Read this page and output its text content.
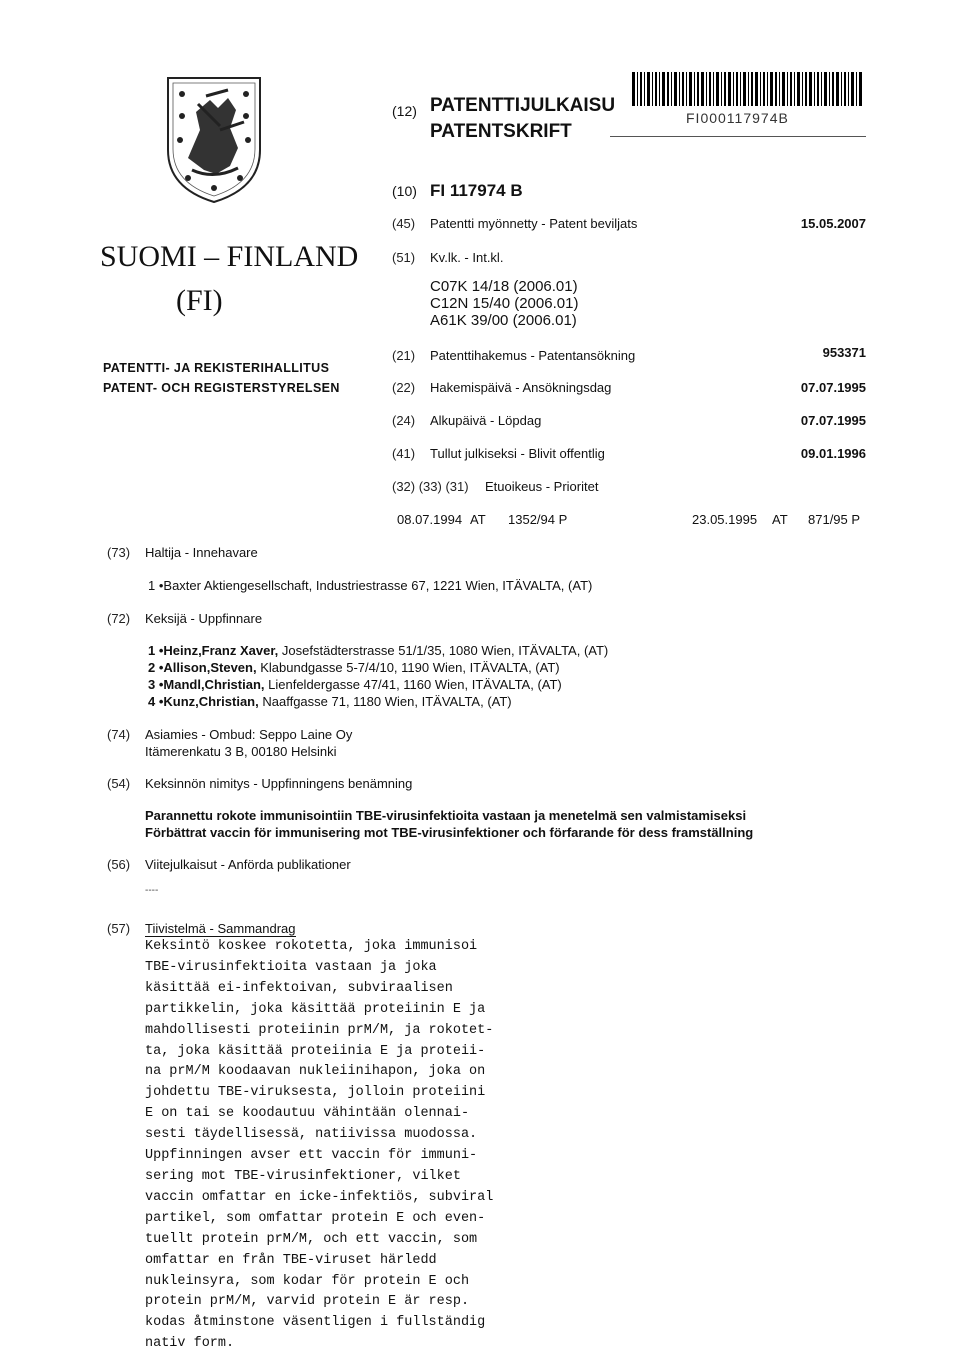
(12) PATENTTIJULKAISU
PATENTSKRIFT
FI000117974B
(10) FI 117974 B
SUOMI – FINLAND
(FI)
PATENTTI- JA REKISTERIHALLITUS
PATENT- OCH REGISTERSTYRELSEN
(45) Patentti myönnetty - Patent beviljats	15.05.2007
(51) Kv.lk. - Int.kl.
C07K 14/18 (2006.01)
C12N 15/40 (2006.01)
A61K 39/00 (2006.01)
(21) Patenttihakemus - Patentansökning	953371
(22) Hakemispäivä - Ansökningsdag	07.07.1995
(24) Alkupäivä - Löpdag	07.07.1995
(41) Tullut julkiseksi - Blivit offentlig	09.01.1996
(32) (33) (31) Etuoikeus - Prioritet
08.07.1994 AT 1352/94 P	23.05.1995 AT 871/95 P
(73) Haltija - Innehavare
1 •Baxter Aktiengesellschaft, Industriestrasse 67, 1221 Wien, ITÄVALTA, (AT)
(72) Keksijä - Uppfinnare
1 •Heinz,Franz Xaver, Josefstädterstrasse 51/1/35, 1080 Wien, ITÄVALTA, (AT)
2 •Allison,Steven, Klabundgasse 5-7/4/10, 1190 Wien, ITÄVALTA, (AT)
3 •Mandl,Christian, Lienfeldergasse 47/41, 1160 Wien, ITÄVALTA, (AT)
4 •Kunz,Christian, Naaffgasse 71, 1180 Wien, ITÄVALTA, (AT)
(74) Asiamies - Ombud: Seppo Laine Oy
Itämerenkatu 3 B, 00180 Helsinki
(54) Keksinnön nimitys - Uppfinningens benämning
Parannettu rokote immunisointiin TBE-virusinfektioita vastaan ja menetelmä sen valmistamiseksi
Förbättrat vaccin för immunisering mot TBE-virusinfektioner och förfarande för dess framställning
(56) Viitejulkaisut - Anförda publikationer
----
(57) Tiivistelmä - Sammandrag
Keksintö koskee rokotetta, joka immunisoi
TBE-virusinfektioita vastaan ja joka
käsittää ei-infektoivan, subviraalisen
partikkelin, joka käsittää proteiinin E ja
mahdollisesti proteiinin prM/M, ja rokotet-
ta, joka käsittää proteiinia E ja proteii-
na prM/M koodaavan nukleiinihapon, joka on
johdettu TBE-viruksesta, jolloin proteiini
E on tai se koodautuu vähintään olennai-
sesti täydellisessä, natiivissa muodossa.
Uppfinningen avser ett vaccin för immuni-
sering mot TBE-virusinfektioner, vilket
vaccin omfattar en icke-infektiös, subviral
partikel, som omfattar protein E och even-
tuellt protein prM/M, och ett vaccin, som
omfattar en från TBE-viruset härledd
nukleinsyra, som kodar för protein E och
protein prM/M, varvid protein E är resp.
kodas åtminstone väsentligen i fullständig
nativ form.
